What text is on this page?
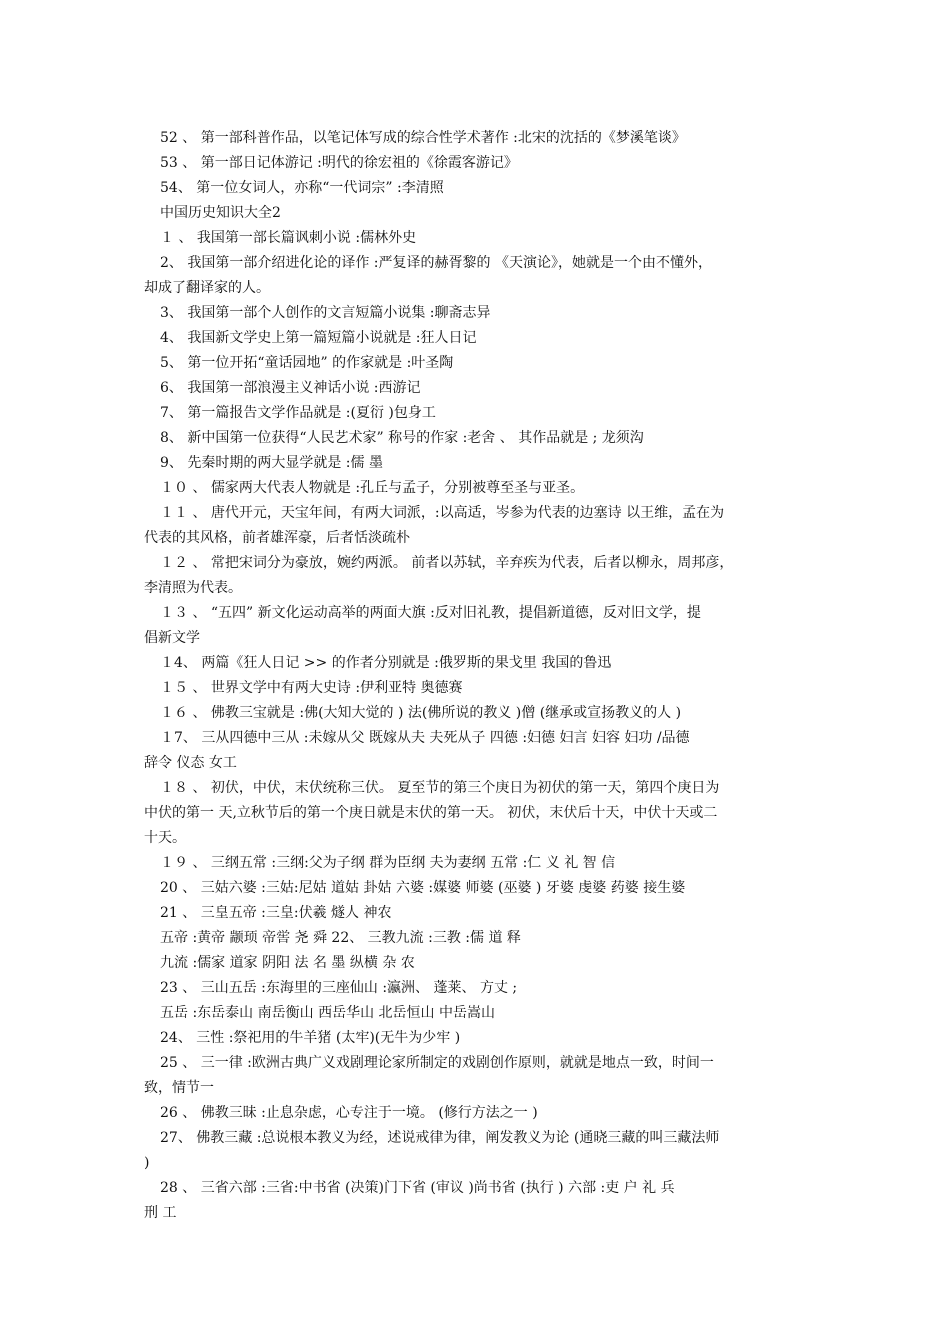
52 、 第一部科普作品，以笔记体写成的综合性学术著作 :北宋的沈括的《梦溪笔谈》

53 、 第一部日记体游记 :明代的徐宏祖的《徐霞客游记》

54、 第一位女词人，亦称“一代词宗” :李清照

中国历史知识大全2

１ 、 我国第一部长篇讽刺小说 :儒林外史

2、 我国第一部介绍进化论的译作 :严复译的赫胥黎的 《天演论》，她就是一个由不懂外，

却成了翻译家的人。

3、 我国第一部个人创作的文言短篇小说集 :聊斋志异

4、 我国新文学史上第一篇短篇小说就是 :狂人日记

5、 第一位开拓“童话园地” 的作家就是 :叶圣陶

6、 我国第一部浪漫主义神话小说 :西游记

7、 第一篇报告文学作品就是 :(夏衍 )包身工

8、 新中国第一位获得“人民艺术家” 称号的作家 :老舍 、 其作品就是 ; 龙须沟

9、 先秦时期的两大显学就是 :儒 墨

１０ 、 儒家两大代表人物就是 :孔丘与孟子，分别被尊至圣与亚圣。

１１ 、 唐代开元，天宝年间，有两大词派，:以高适，岑参为代表的边塞诗 以王维，孟在为

代表的其风格，前者雄浑豪，后者恬淡疏朴

１２ 、 常把宋词分为豪放，婉约两派。 前者以苏轼，辛弃疾为代表，后者以柳永，周邦彦，

李清照为代表。

１３ 、 “五四” 新文化运动高举的两面大旗 :反对旧礼教，提倡新道德，反对旧文学，提

倡新文学

１4、 两篇《狂人日记 >> 的作者分别就是 :俄罗斯的果戈里 我国的鲁迅

１５ 、 世界文学中有两大史诗 :伊利亚特 奥德赛

１６ 、 佛教三宝就是 :佛(大知大觉的 ) 法(佛所说的教义 )僧 (继承或宣扬教义的人 )

１7、 三从四德中三从 :未嫁从父 既嫁从夫 夫死从子 四德 :妇德 妇言 妇容 妇功 /品德

辞令 仪态 女工

１８ 、 初伏，中伏，末伏统称三伏。 夏至节的第三个庚日为初伏的第一天，第四个庚日为

中伏的第一 天,立秋节后的第一个庚日就是末伏的第一天。 初伏，末伏后十天，中伏十天或二

十天。

１９ 、 三纲五常 :三纲:父为子纲 群为臣纲 夫为妻纲 五常 :仁 义 礼 智 信

20 、 三姑六婆 :三姑:尼姑 道姑 卦姑 六婆 :媒婆 师婆 (巫婆 ) 牙婆 虔婆 药婆 接生婆

21 、 三皇五帝 :三皇:伏羲 燧人 神农

五帝 :黄帝 颛顼 帝喾 尧 舜 22、 三教九流 :三教 :儒 道 释

九流 :儒家 道家 阴阳 法 名 墨 纵横 杂 农

23 、 三山五岳 :东海里的三座仙山 :瀛洲、 蓬莱、 方丈 ;

五岳 :东岳泰山 南岳衡山 西岳华山 北岳恒山 中岳嵩山

24、 三性 :祭祀用的牛羊猪 (太牢)(无牛为少牢 )

25 、 三一律 :欧洲古典广义戏剧理论家所制定的戏剧创作原则，就就是地点一致，时间一

致，情节一

26 、 佛教三昧 :止息杂虑，心专注于一境。 (修行方法之一 )

27、 佛教三藏 :总说根本教义为经，述说戒律为律，阐发教义为论 (通晓三藏的叫三藏法师

)

28 、 三省六部 :三省:中书省 (决策)门下省 (审议 )尚书省 (执行 ) 六部 :吏 户 礼 兵

刑 工
